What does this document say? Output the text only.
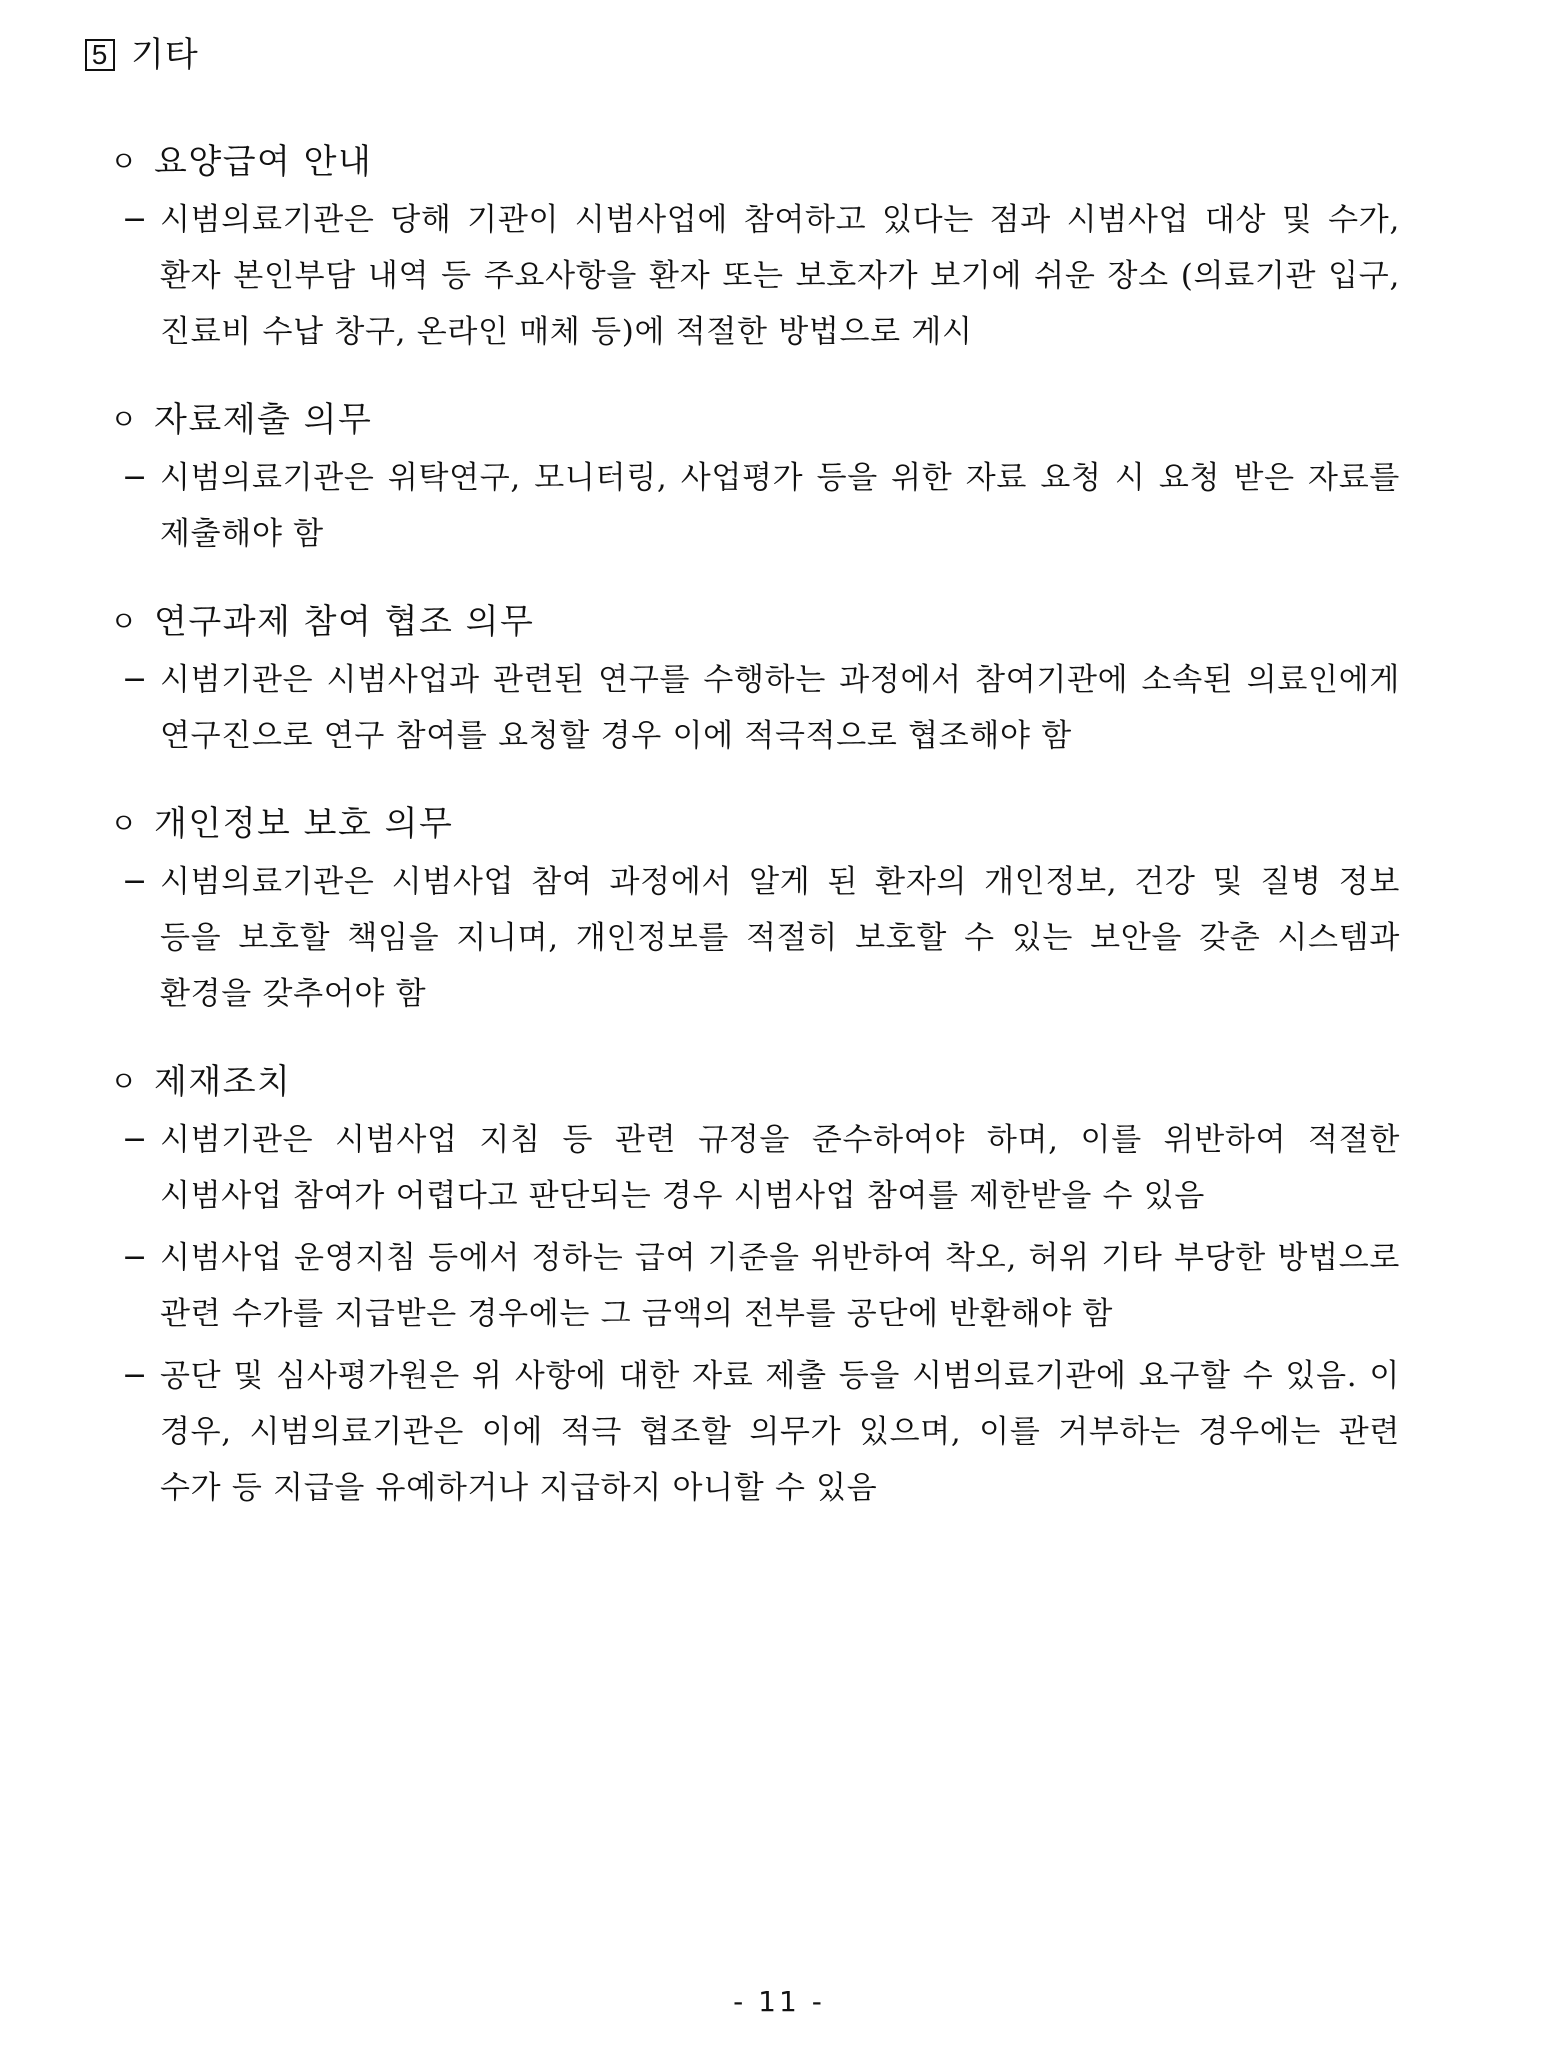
5 기타
ㅇ 요양급여 안내
− 시범의료기관은 당해 기관이 시범사업에 참여하고 있다는 점과 시범사업 대상 및 수가, 환자 본인부담 내역 등 주요사항을 환자 또는 보호자가 보기에 쉬운 장소 (의료기관 입구, 진료비 수납 창구, 온라인 매체 등)에 적절한 방법으로 게시
ㅇ 자료제출 의무
− 시범의료기관은 위탁연구, 모니터링, 사업평가 등을 위한 자료 요청 시 요청 받은 자료를 제출해야 함
ㅇ 연구과제 참여 협조 의무
− 시범기관은 시범사업과 관련된 연구를 수행하는 과정에서 참여기관에 소속된 의료인에게 연구진으로 연구 참여를 요청할 경우 이에 적극적으로 협조해야 함
ㅇ 개인정보 보호 의무
− 시범의료기관은 시범사업 참여 과정에서 알게 된 환자의 개인정보, 건강 및 질병 정보 등을 보호할 책임을 지니며, 개인정보를 적절히 보호할 수 있는 보안을 갖춘 시스템과 환경을 갖추어야 함
ㅇ 제재조치
− 시범기관은 시범사업 지침 등 관련 규정을 준수하여야 하며, 이를 위반하여 적절한 시범사업 참여가 어렵다고 판단되는 경우 시범사업 참여를 제한받을 수 있음
− 시범사업 운영지침 등에서 정하는 급여 기준을 위반하여 착오, 허위 기타 부당한 방법으로 관련 수가를 지급받은 경우에는 그 금액의 전부를 공단에 반환해야 함
− 공단 및 심사평가원은 위 사항에 대한 자료 제출 등을 시범의료기관에 요구할 수 있음. 이 경우, 시범의료기관은 이에 적극 협조할 의무가 있으며, 이를 거부하는 경우에는 관련 수가 등 지급을 유예하거나 지급하지 아니할 수 있음
- 11 -
